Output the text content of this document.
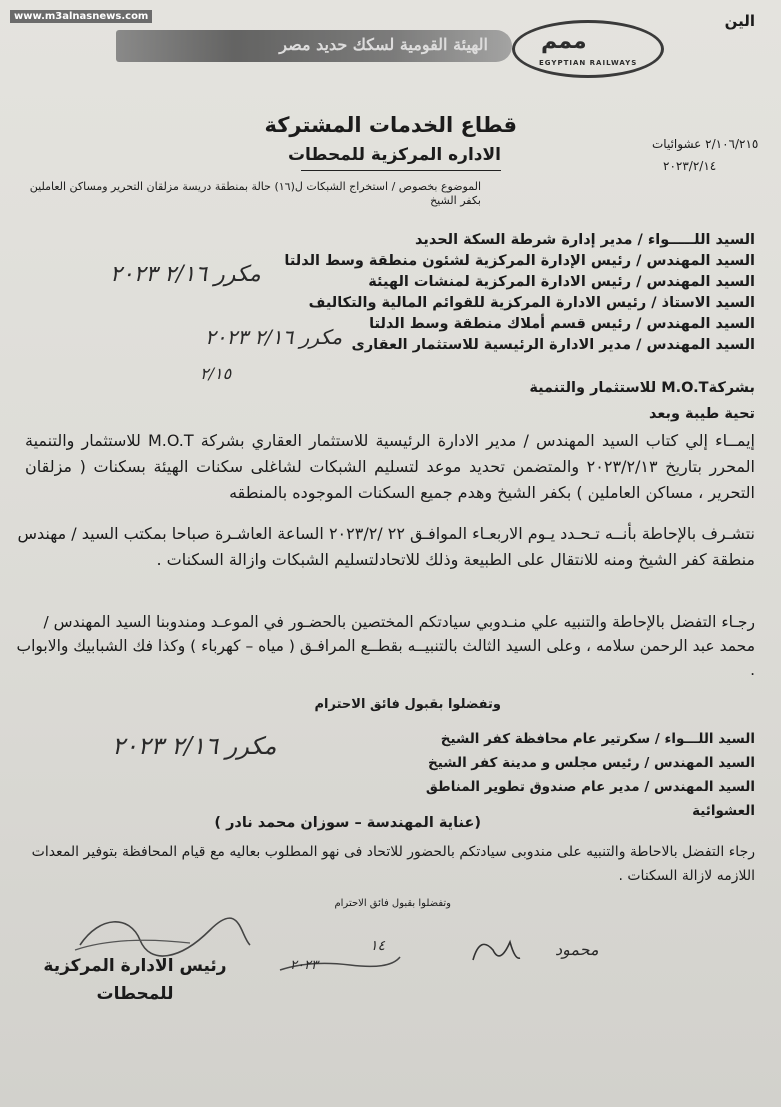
www.m3alnasnews.com	الين
الهيئة القومية لسكك حديد مصر ممم
EGYPTIAN RAILWAYS
قطاع الخدمات المشتركة
الاداره المركزية للمحطات
٢/١٠٦/٢١٥ عشوائيات
٢٠٢٣/٢/١٤
الموضوع بخصوص / استخراج الشبكات ل(١٦) حالة بمنطقة دريسة مزلقان التحرير ومساكن العاملين بكفر الشيخ
السيد اللـــــواء / مدير إدارة شرطة السكة الحديد
السيد المهندس / رئيس الإدارة المركزية لشئون منطقة وسط الدلتا
السيد المهندس / رئيس الادارة المركزية لمنشات الهيئة
السيد الاستاذ / رئيس الادارة المركزية للقوائم المالية والتكاليف
السيد المهندس / رئيس قسم أملاك منطقة وسط الدلتا
السيد المهندس / مدير الادارة الرئيسية للاستثمار العقارى
بشركةM.O.T للاستثمار والتنمية
تحية طيبة وبعد
إيمــاء إلي كتاب السيد المهندس / مدير الادارة الرئيسية للاستثمار العقاري بشركة M.O.T للاستثمار والتنمية المحرر بتاريخ ٢٠٢٣/٢/١٣ والمتضمن تحديد موعد لتسليم الشبكات لشاغلى سكنات الهيئة بسكنات ( مزلقان التحرير ، مساكن العاملين ) بكفر الشيخ وهدم جميع السكنات الموجوده بالمنطقه
نتشـرف بالإحاطة بأنــه تـحـدد يـوم الاربعـاء الموافـق ٢٢ /٢٠٢٣/٢ الساعة العاشـرة صباحا بمكتب السيد / مهندس منطقة كفر الشيخ ومنه للانتقال على الطبيعة وذلك للاتحادلتسليم الشبكات وازالة السكنات .
رجـاء التفضل بالإحاطة والتنبيه علي منـدوبي سيادتكم المختصين بالحضـور في الموعـد ومندوبنا السيد المهندس / محمد عبد الرحمن سلامه ، وعلى السيد الثالث بالتنبيــه بقطــع المرافـق ( مياه – كهرباء ) وكذا فك الشبابيك والابواب .
وتفضلوا بقبول فائق الاحترام
السيد اللـــواء / سكرتير عام محافظة كفر الشيخ
السيد المهندس / رئيس مجلس و مدينة كفر الشيخ
السيد المهندس / مدير عام صندوق تطوير المناطق العشوائية
(عناية المهندسة – سوزان محمد نادر )
رجاء التفضل بالاحاطة والتنبيه على مندوبى سيادتكم بالحضور للاتحاد فى نهو المطلوب بعاليه مع قيام المحافظة بتوفير المعدات اللازمه لازالة السكنات .
وتفضلوا بقبول فائق الاحترام
رئيس الادارة المركزية
للمحطات
مكرر ٢/١٦ ٢٠٢٣
مكرر ٢/١٦ ٢٠٢٣
٢/١٥
مكرر ٢/١٦ ٢٠٢٣
١٤
٢٠٢٣
محمود
